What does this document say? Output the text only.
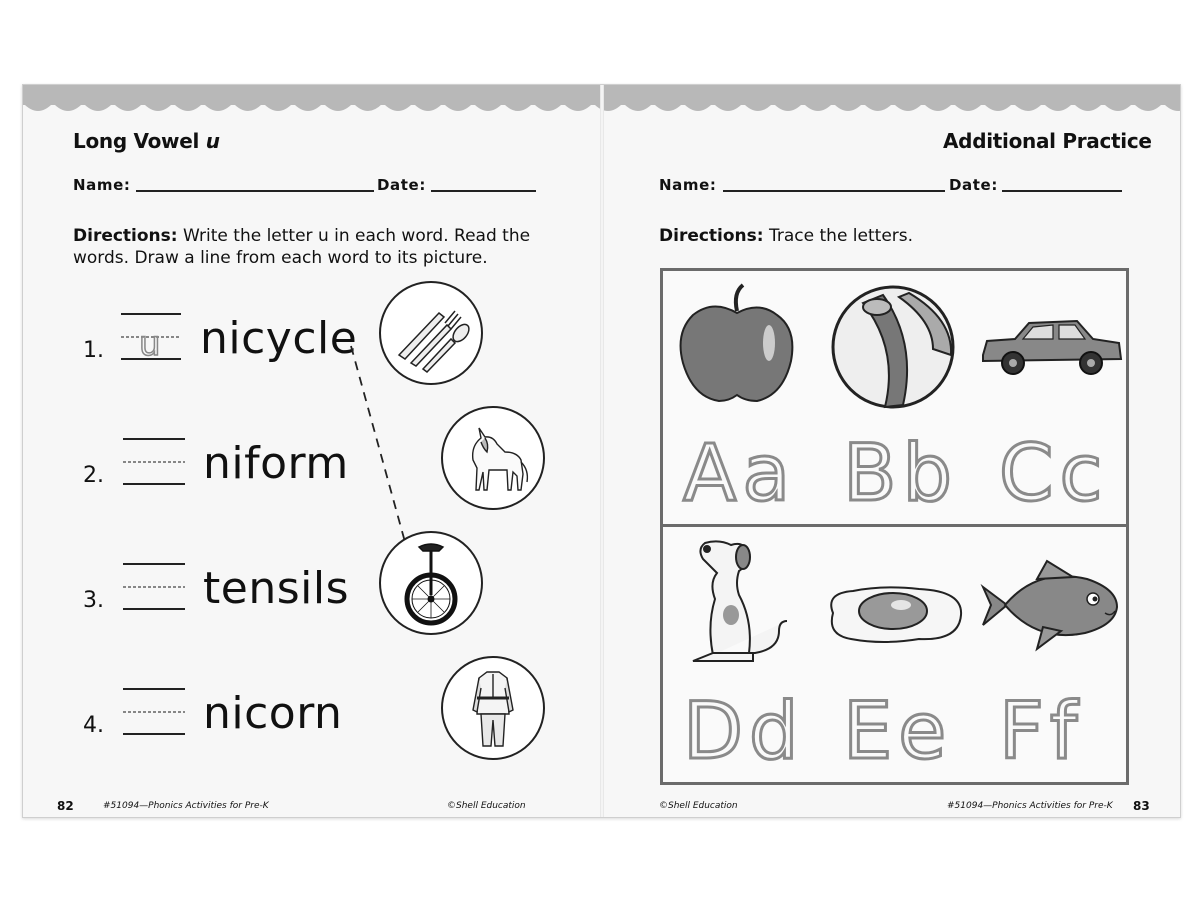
Long Vowel u
Name:	Date:
Directions: Write the letter u in each word. Read the
words. Draw a line from each word to its picture.
1. u nicycle
2. niform
3. tensils
4. nicorn
82	#51094—Phonics Activities for Pre-K	©Shell Education
Additional Practice
Name:	Date:
Directions: Trace the letters.
Aa Bb Cc
Dd Ee Ff
©Shell Education	#51094—Phonics Activities for Pre-K 83
